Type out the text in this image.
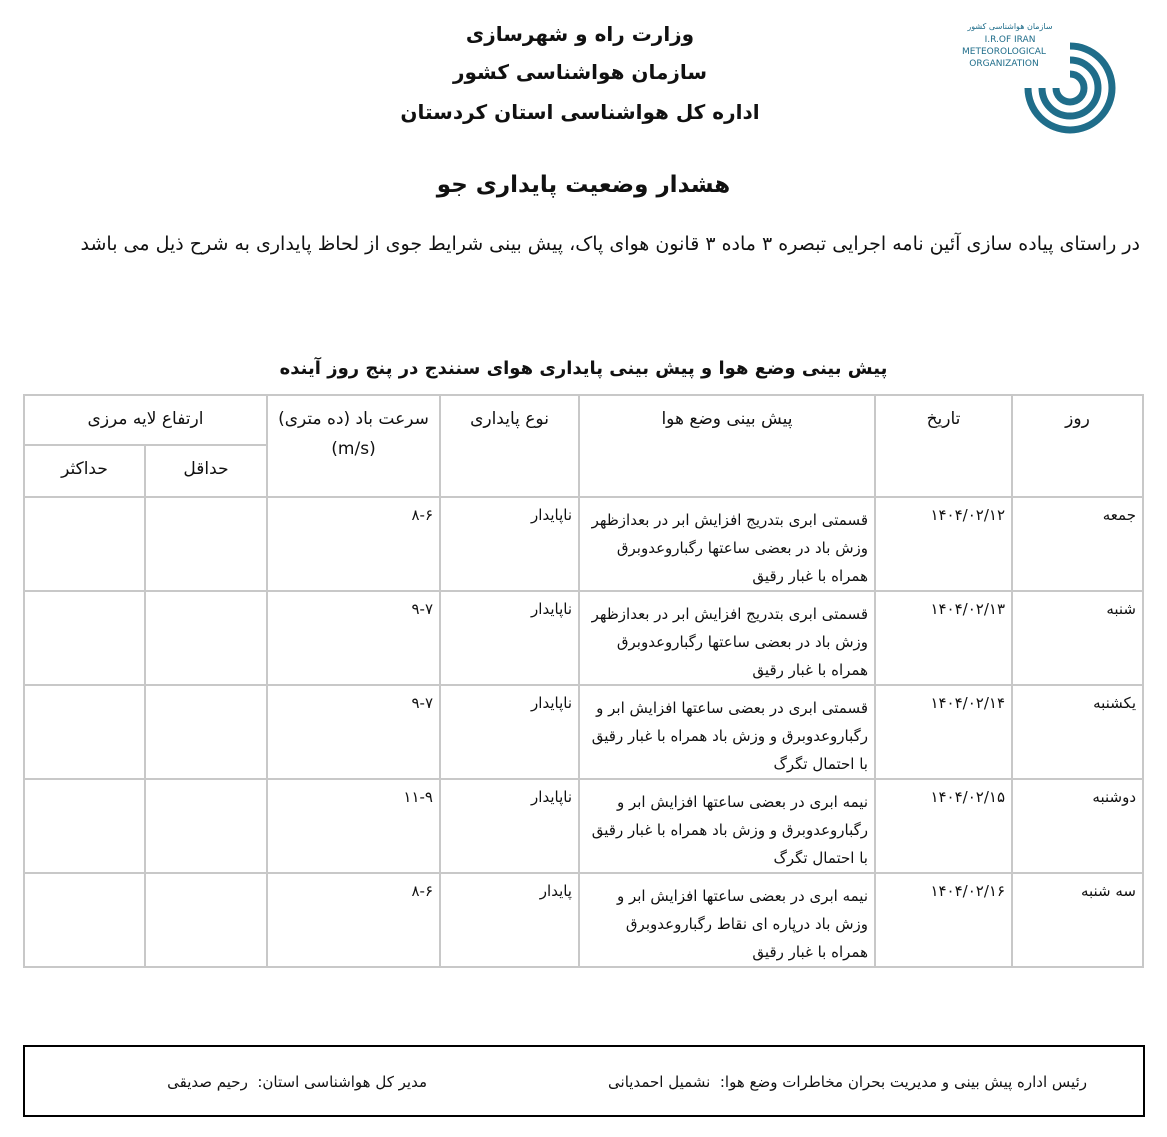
وزارت راه و شهرسازی
سازمان هواشناسی کشور
اداره کل هواشناسی استان کردستان
سازمان هواشناسی کشور
I.R.OF IRAN
METEOROLOGICAL
ORGANIZATION
هشدار وضعیت پایداری جو
در راستای پیاده سازی آئین نامه اجرایی تبصره ۳ ماده ۳ قانون هوای پاک، پیش بینی شرایط جوی از لحاظ پایداری به شرح ذیل می باشد
پیش بینی وضع هوا و پیش بینی پایداری هوای سنندج در پنج روز آینده
روز	تاریخ	پیش بینی وضع هوا	نوع پایداری	سرعت باد (ده متری) (m/s)	ارتفاع لایه مرزی	
					حداقل	حداکثر
جمعه	۱۴۰۴/۰۲/۱۲	قسمتی ابری بتدریج افزایش ابر در بعدازظهر وزش باد در بعضی ساعتها رگباروعدوبرق همراه با غبار رقیق	ناپایدار	۸-۶		
شنبه	۱۴۰۴/۰۲/۱۳	قسمتی ابری بتدریج افزایش ابر در بعدازظهر وزش باد در بعضی ساعتها رگباروعدوبرق همراه با غبار رقیق	ناپایدار	۹-۷		
یکشنبه	۱۴۰۴/۰۲/۱۴	قسمتی ابری در بعضی ساعتها افزایش ابر و رگباروعدوبرق و وزش باد همراه با غبار رقیق با احتمال تگرگ	ناپایدار	۹-۷		
دوشنبه	۱۴۰۴/۰۲/۱۵	نیمه ابری در بعضی ساعتها افزایش ابر و رگباروعدوبرق و وزش باد همراه با غبار رقیق با احتمال تگرگ	ناپایدار	۱۱-۹		
سه شنبه	۱۴۰۴/۰۲/۱۶	نیمه ابری در بعضی ساعتها افزایش ابر و وزش باد درپاره ای نقاط رگباروعدوبرق همراه با غبار رقیق	پایدار	۸-۶		
رئیس اداره پیش بینی و مدیریت بحران مخاطرات وضع هوا:  نشمیل احمدیانی
مدیر کل هواشناسی استان:  رحیم صدیقی
